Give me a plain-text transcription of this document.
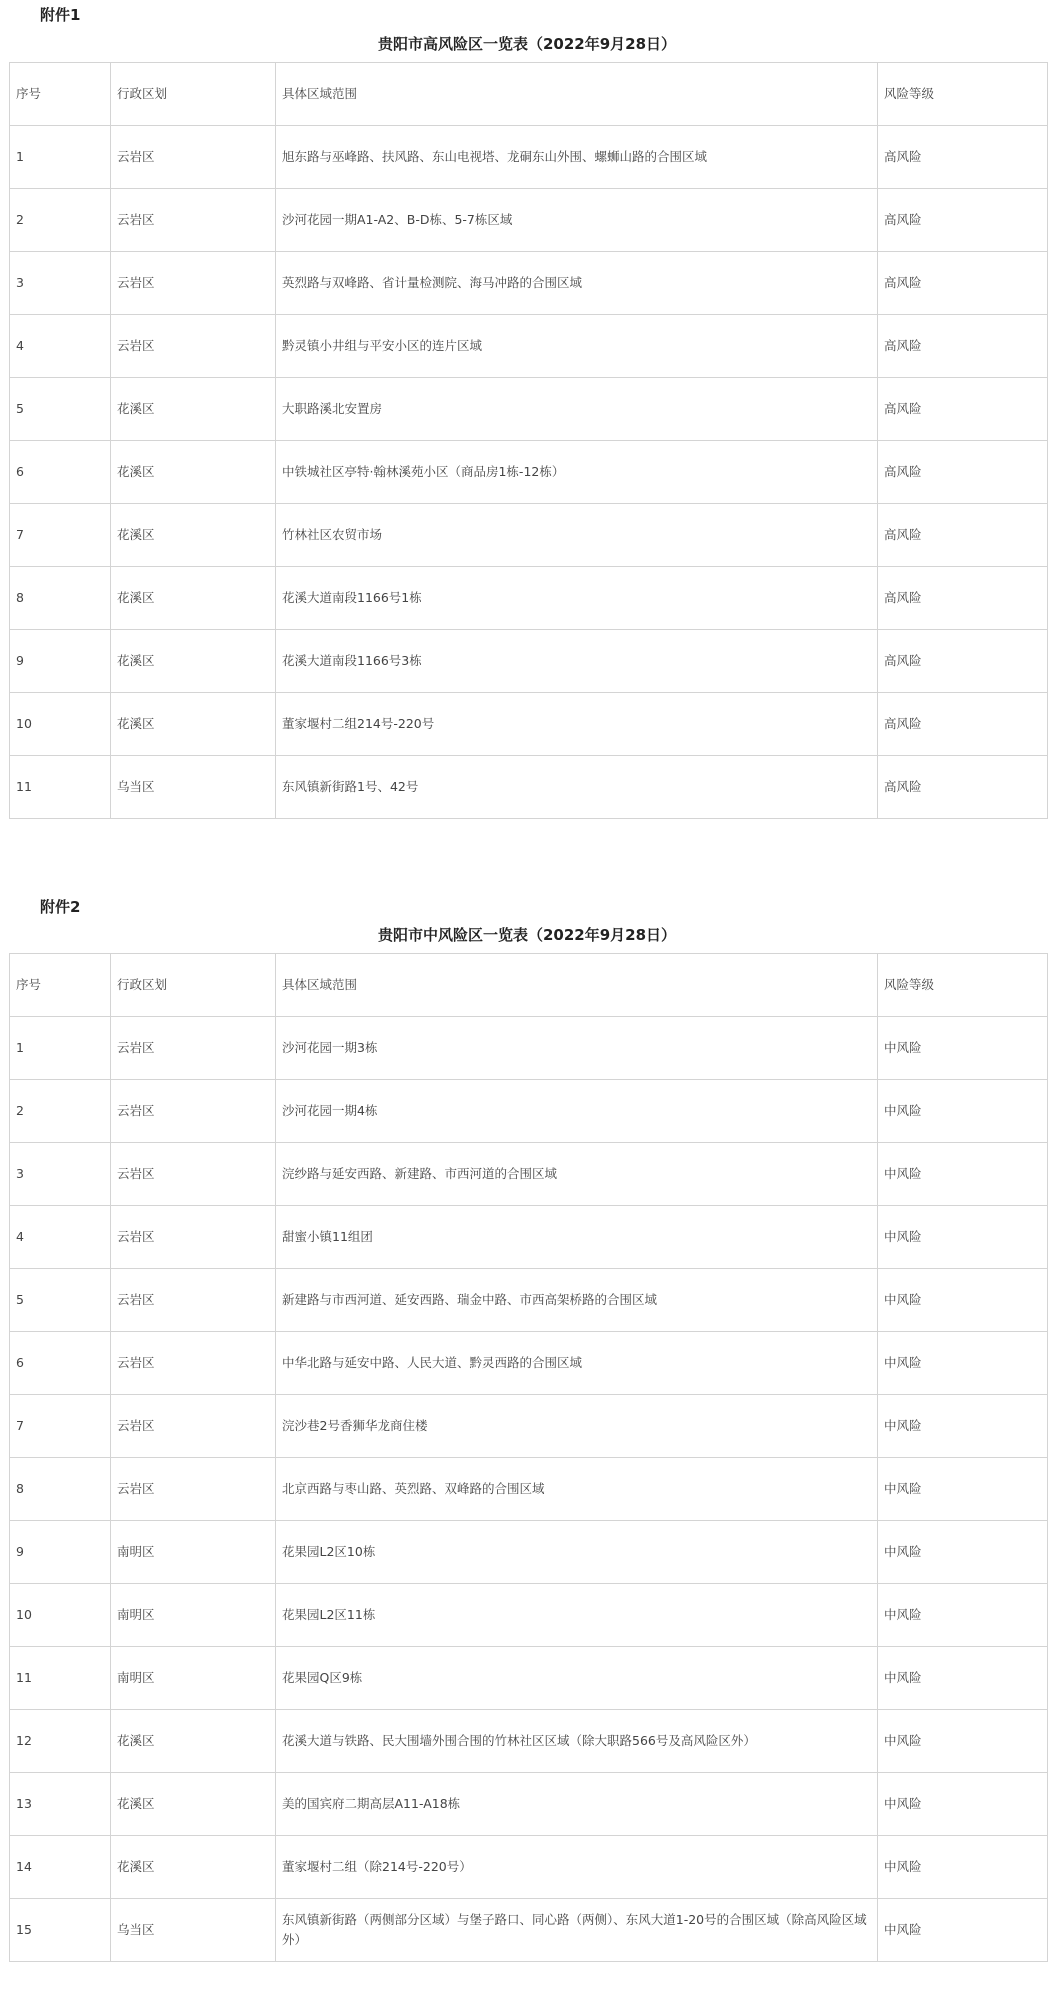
附件1
贵阳市高风险区一览表（2022年9月28日）
序号	行政区划	具体区域范围	风险等级
1	云岩区	旭东路与巫峰路、扶风路、东山电视塔、龙硐东山外围、螺蛳山路的合围区域	高风险
2	云岩区	沙河花园一期A1-A2、B-D栋、5-7栋区域	高风险
3	云岩区	英烈路与双峰路、省计量检测院、海马冲路的合围区域	高风险
4	云岩区	黔灵镇小井组与平安小区的连片区域	高风险
5	花溪区	大职路溪北安置房	高风险
6	花溪区	中铁城社区亭特·翰林溪苑小区（商品房1栋-12栋）	高风险
7	花溪区	竹林社区农贸市场	高风险
8	花溪区	花溪大道南段1166号1栋	高风险
9	花溪区	花溪大道南段1166号3栋	高风险
10	花溪区	董家堰村二组214号-220号	高风险
11	乌当区	东风镇新街路1号、42号	高风险
附件2
贵阳市中风险区一览表（2022年9月28日）
序号	行政区划	具体区域范围	风险等级
1	云岩区	沙河花园一期3栋	中风险
2	云岩区	沙河花园一期4栋	中风险
3	云岩区	浣纱路与延安西路、新建路、市西河道的合围区域	中风险
4	云岩区	甜蜜小镇11组团	中风险
5	云岩区	新建路与市西河道、延安西路、瑞金中路、市西高架桥路的合围区域	中风险
6	云岩区	中华北路与延安中路、人民大道、黔灵西路的合围区域	中风险
7	云岩区	浣沙巷2号香狮华龙商住楼	中风险
8	云岩区	北京西路与枣山路、英烈路、双峰路的合围区域	中风险
9	南明区	花果园L2区10栋	中风险
10	南明区	花果园L2区11栋	中风险
11	南明区	花果园Q区9栋	中风险
12	花溪区	花溪大道与铁路、民大围墙外围合围的竹林社区区域（除大职路566号及高风险区外）	中风险
13	花溪区	美的国宾府二期高层A11-A18栋	中风险
14	花溪区	董家堰村二组（除214号-220号）	中风险
15	乌当区	东风镇新街路（两侧部分区域）与堡子路口、同心路（两侧）、东风大道1-20号的合围区域（除高风险区域外）	中风险
